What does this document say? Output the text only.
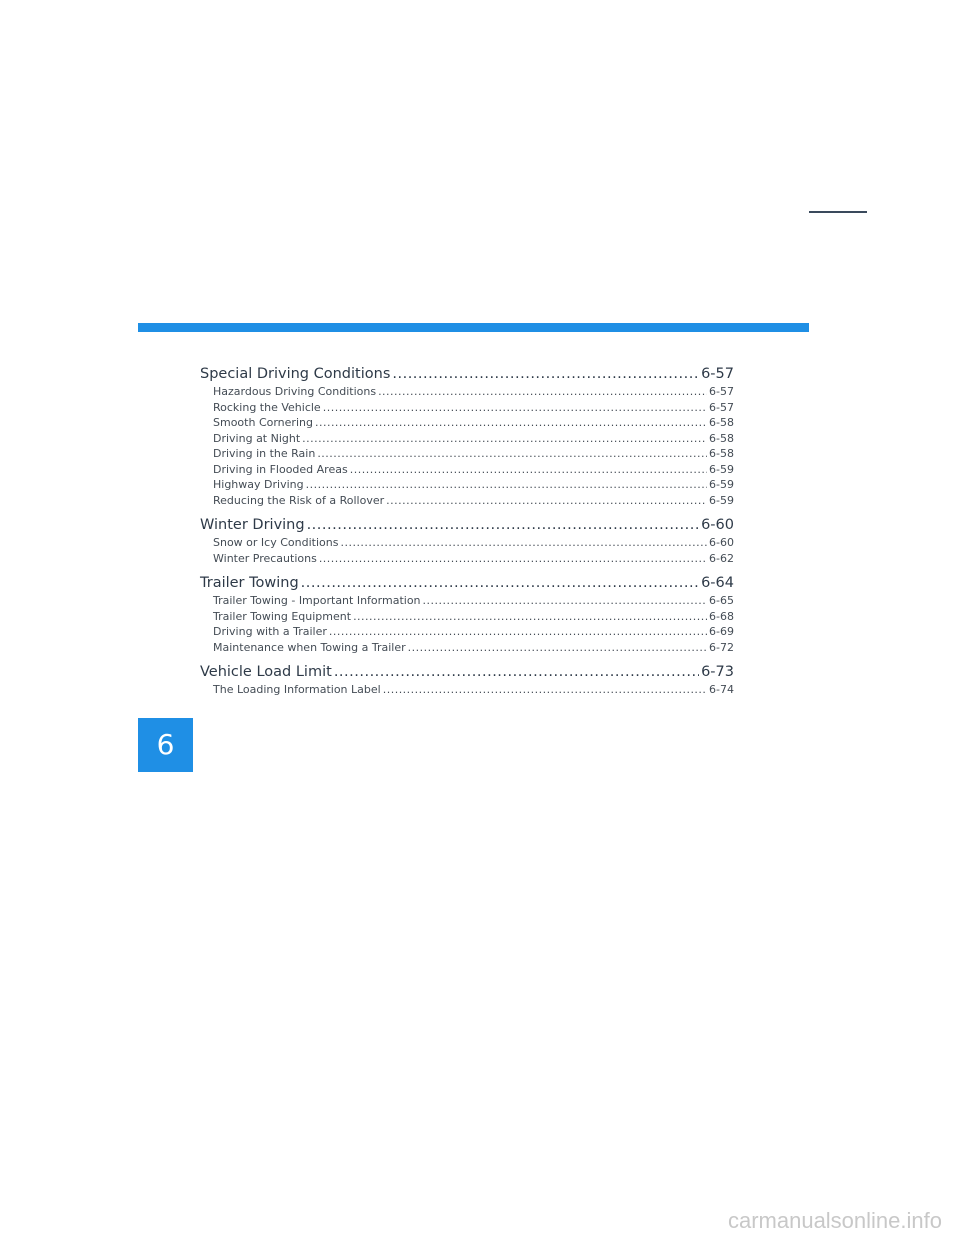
Special Driving Conditions .....	6-57
Hazardous Driving Conditions .....	6-57
Rocking the Vehicle .....	6-57
Smooth Cornering .....	6-58
Driving at Night .....	6-58
Driving in the Rain .....	6-58
Driving in Flooded Areas .....	6-59
Highway Driving .....	6-59
Reducing the Risk of a Rollover .....	6-59
Winter Driving .....	6-60
Snow or Icy Conditions .....	6-60
Winter Precautions .....	6-62
Trailer Towing .....	6-64
Trailer Towing - Important Information .....	6-65
Trailer Towing Equipment .....	6-68
Driving with a Trailer .....	6-69
Maintenance when Towing a Trailer .....	6-72
Vehicle Load Limit .....	6-73
The Loading Information Label .....	6-74
6
carmanualsonline.info
